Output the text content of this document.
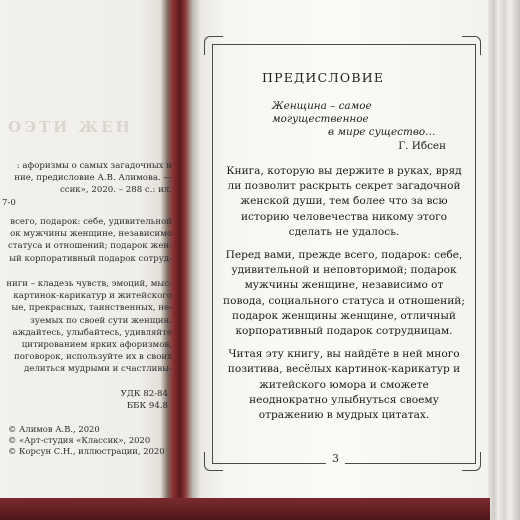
ОЭТИ ЖЕН
: афоризмы о самых загадочных и
ние, предисловие А.В. Алимова. —
ссик», 2020. – 288 с.: ил.
7-0
всего, подарок: себе, удивительной
ок мужчины женщине, независимо
статуса и отношений; подарок жен-
ый корпоративный подарок сотруд-
ниги – кладезь чувств, эмоций, мыс-
картинок-карикатур и житейского
ые, прекрасных, таинственных, не-
зуемых по своей сути женщин.
аждайтесь, улыбайтесь, удивляйте
цитированием ярких афоризмов,
поговорок, используйте их в своих
делиться мудрыми и счастливы-
УДК 82-84
ББК 94.8
© Алимов А.В., 2020
© «Арт-студия «Классик», 2020
© Корсун С.Н., иллюстрации, 2020
ПРЕДИСЛОВИЕ
Женщина – самое могущественное
в мире существо…
Г. Ибсен

Книга, которую вы держите в руках, вряд ли позволит раскрыть секрет загадочной женской души, тем более что за всю историю человечества никому этого сделать не удалось.

Перед вами, прежде всего, подарок: себе, удивительной и неповторимой; подарок мужчины женщине, независимо от повода, социального статуса и отношений; подарок женщины женщине, отличный корпоративный подарок сотрудницам.

Читая эту книгу, вы найдёте в ней много позитива, весёлых картинок-карикатур и житейского юмора и сможете неоднократно улыбнуться своему отражению в мудрых цитатах.

3
